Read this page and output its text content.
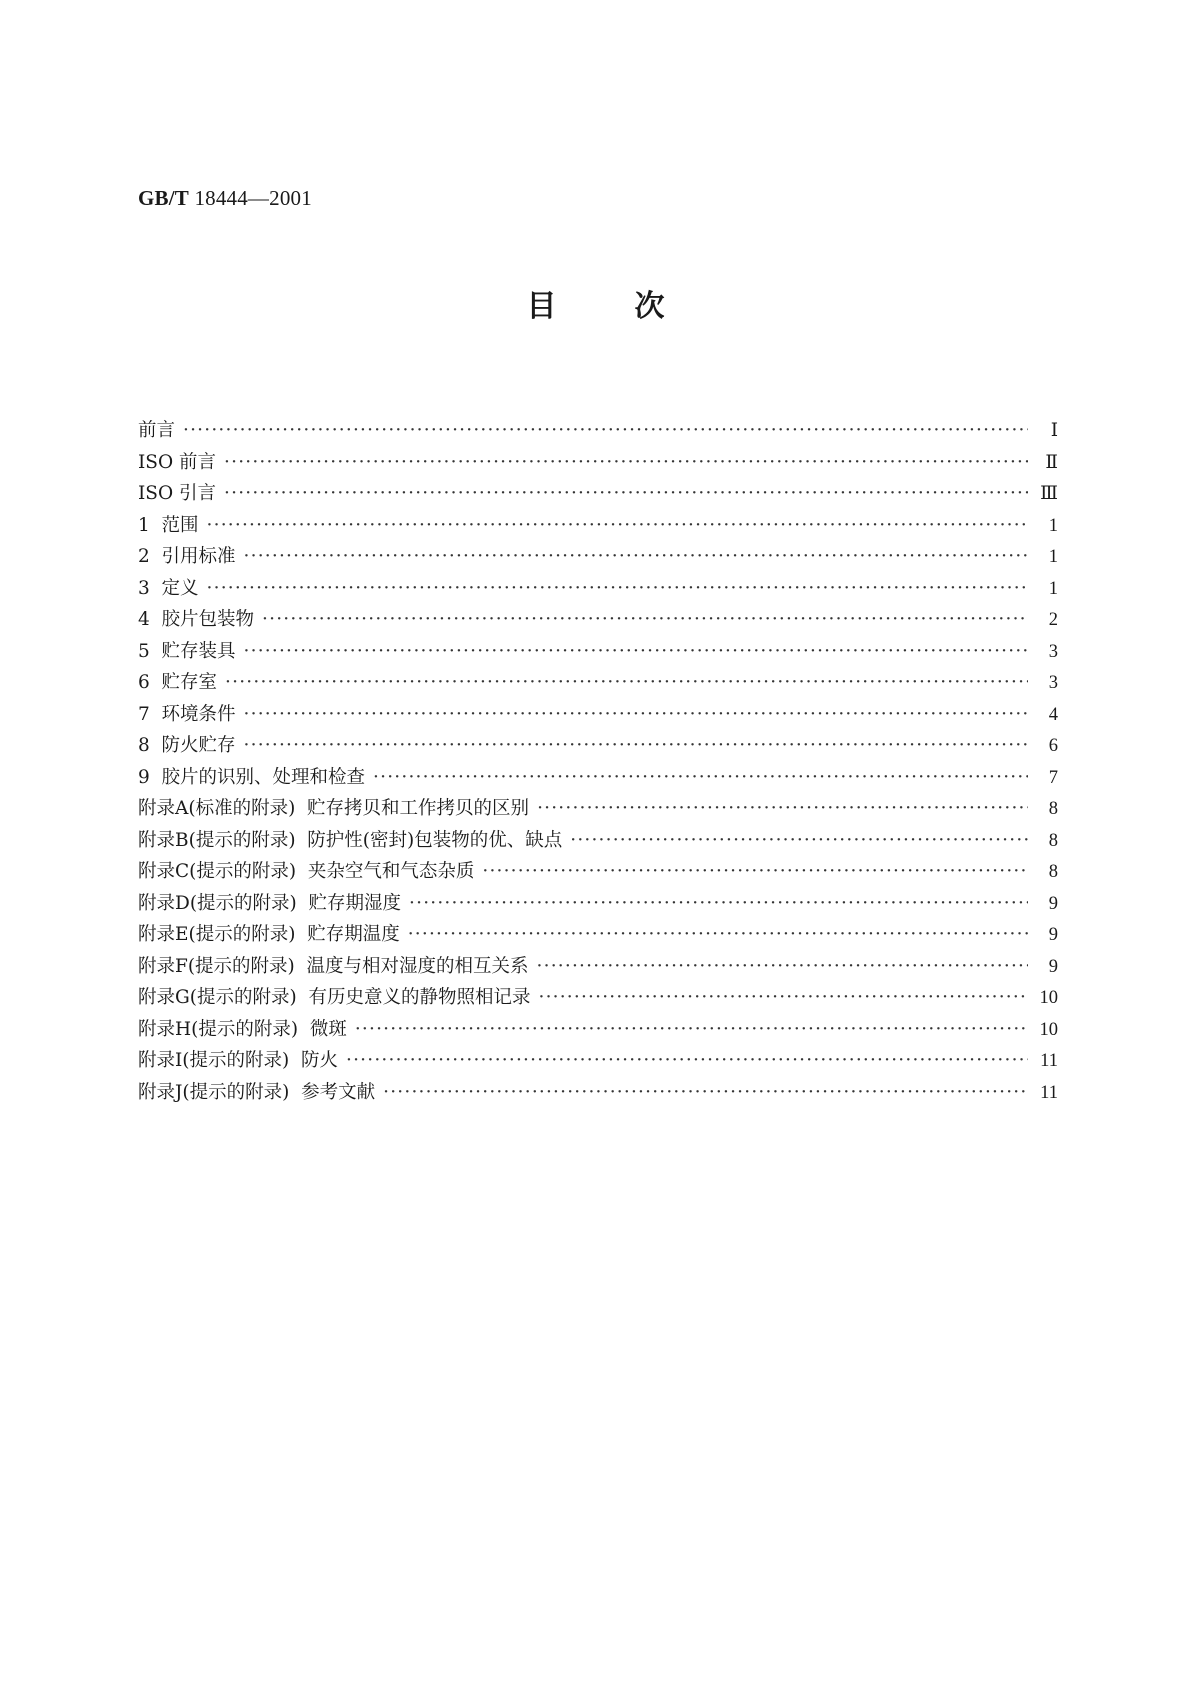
GB/T 18444—2001
目次
前言 ·····	Ⅰ
ISO 前言 ·····	Ⅱ
ISO 引言 ·····	Ⅲ
1  范围 ·····	1
2  引用标准 ·····	1
3  定义 ·····	1
4  胶片包装物 ·····	2
5  贮存装具 ·····	3
6  贮存室 ·····	3
7  环境条件 ·····	4
8  防火贮存 ·····	6
9  胶片的识别、处理和检查 ·····	7
附录A(标准的附录)  贮存拷贝和工作拷贝的区别 ·····	8
附录B(提示的附录)  防护性(密封)包装物的优、缺点 ·····	8
附录C(提示的附录)  夹杂空气和气态杂质 ·····	8
附录D(提示的附录)  贮存期湿度 ·····	9
附录E(提示的附录)  贮存期温度 ·····	9
附录F(提示的附录)  温度与相对湿度的相互关系 ·····	9
附录G(提示的附录)  有历史意义的静物照相记录 ·····	10
附录H(提示的附录)  微斑 ·····	10
附录I(提示的附录)  防火 ·····	11
附录J(提示的附录)  参考文献 ·····	11
